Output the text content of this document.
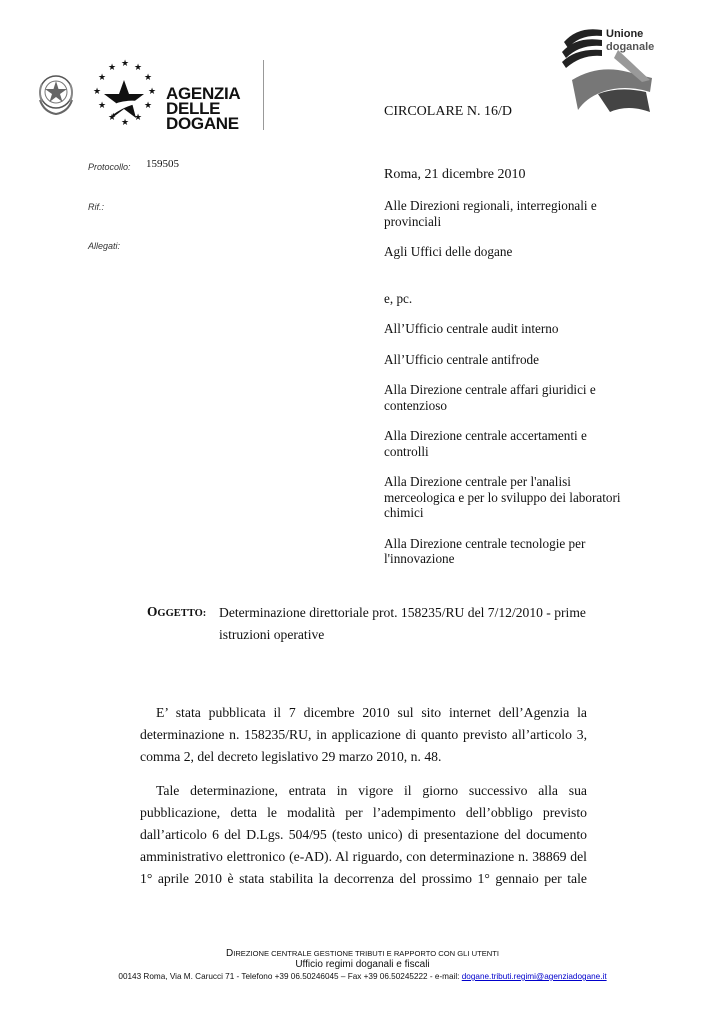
★ ★
★
★
★
★
★
★
★
★
★
★
AGENZIA
DELLE
DOGANE
Unione
doganale
CIRCOLARE N. 16/D
Protocollo: 159505
Rif.:
Allegati:
Roma, 21 dicembre 2010
Alle Direzioni regionali, interregionali e provinciali
Agli Uffici delle dogane
e, pc.
All’Ufficio centrale audit interno
All’Ufficio centrale antifrode
Alla Direzione centrale affari giuridici e contenzioso
Alla Direzione centrale accertamenti e controlli
Alla Direzione centrale per l'analisi merceologica e per lo sviluppo dei laboratori chimici
Alla Direzione centrale tecnologie per l'innovazione
OGGETTO: Determinazione direttoriale prot. 158235/RU del 7/12/2010 - prime istruzioni operative

E’ stata pubblicata il 7 dicembre 2010 sul sito internet dell’Agenzia la determinazione n. 158235/RU, in applicazione di quanto previsto all’articolo 3, comma 2, del decreto legislativo 29 marzo 2010, n. 48.

Tale determinazione, entrata in vigore il giorno successivo alla sua pubblicazione, detta le modalità per l’adempimento dell’obbligo previsto dall’articolo 6 del D.Lgs. 504/95 (testo unico) di presentazione del documento amministrativo elettronico (e-AD). Al riguardo, con determinazione n. 38869 del 1° aprile 2010 è stata stabilita la decorrenza del prossimo 1° gennaio per tale

DIREZIONE CENTRALE GESTIONE TRIBUTI E RAPPORTO CON GLI UTENTI
Ufficio regimi doganali e fiscali
00143 Roma, Via M. Carucci 71 - Telefono +39 06.50246045 – Fax +39 06.50245222 - e-mail: dogane.tributi.regimi@agenziadogane.it
